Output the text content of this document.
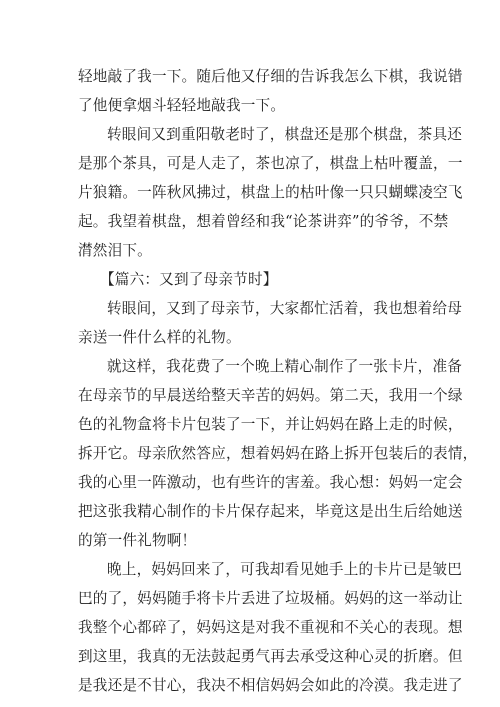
轻地敲了我一下。随后他又仔细的告诉我怎么下棋，我说错
了他便拿烟斗轻轻地敲我一下。
转眼间又到重阳敬老时了，棋盘还是那个棋盘，茶具还
是那个茶具，可是人走了，茶也凉了，棋盘上枯叶覆盖，一
片狼籍。一阵秋风拂过，棋盘上的枯叶像一只只蝴蝶凌空飞
起。我望着棋盘，想着曾经和我“论茶讲弈”的爷爷，不禁
潸然泪下。
【篇六：又到了母亲节时】
转眼间，又到了母亲节，大家都忙活着，我也想着给母
亲送一件什么样的礼物。
就这样，我花费了一个晚上精心制作了一张卡片，准备
在母亲节的早晨送给整天辛苦的妈妈。第二天，我用一个绿
色的礼物盒将卡片包装了一下，并让妈妈在路上走的时候，
拆开它。母亲欣然答应，想着妈妈在路上拆开包装后的表情，
我的心里一阵激动，也有些许的害羞。我心想：妈妈一定会
把这张我精心制作的卡片保存起来，毕竟这是出生后给她送
的第一件礼物啊！
晚上，妈妈回来了，可我却看见她手上的卡片已是皱巴
巴的了，妈妈随手将卡片丢进了垃圾桶。妈妈的这一举动让
我整个心都碎了，妈妈这是对我不重视和不关心的表现。想
到这里，我真的无法鼓起勇气再去承受这种心灵的折磨。但
是我还是不甘心，我决不相信妈妈会如此的冷漠。我走进了
